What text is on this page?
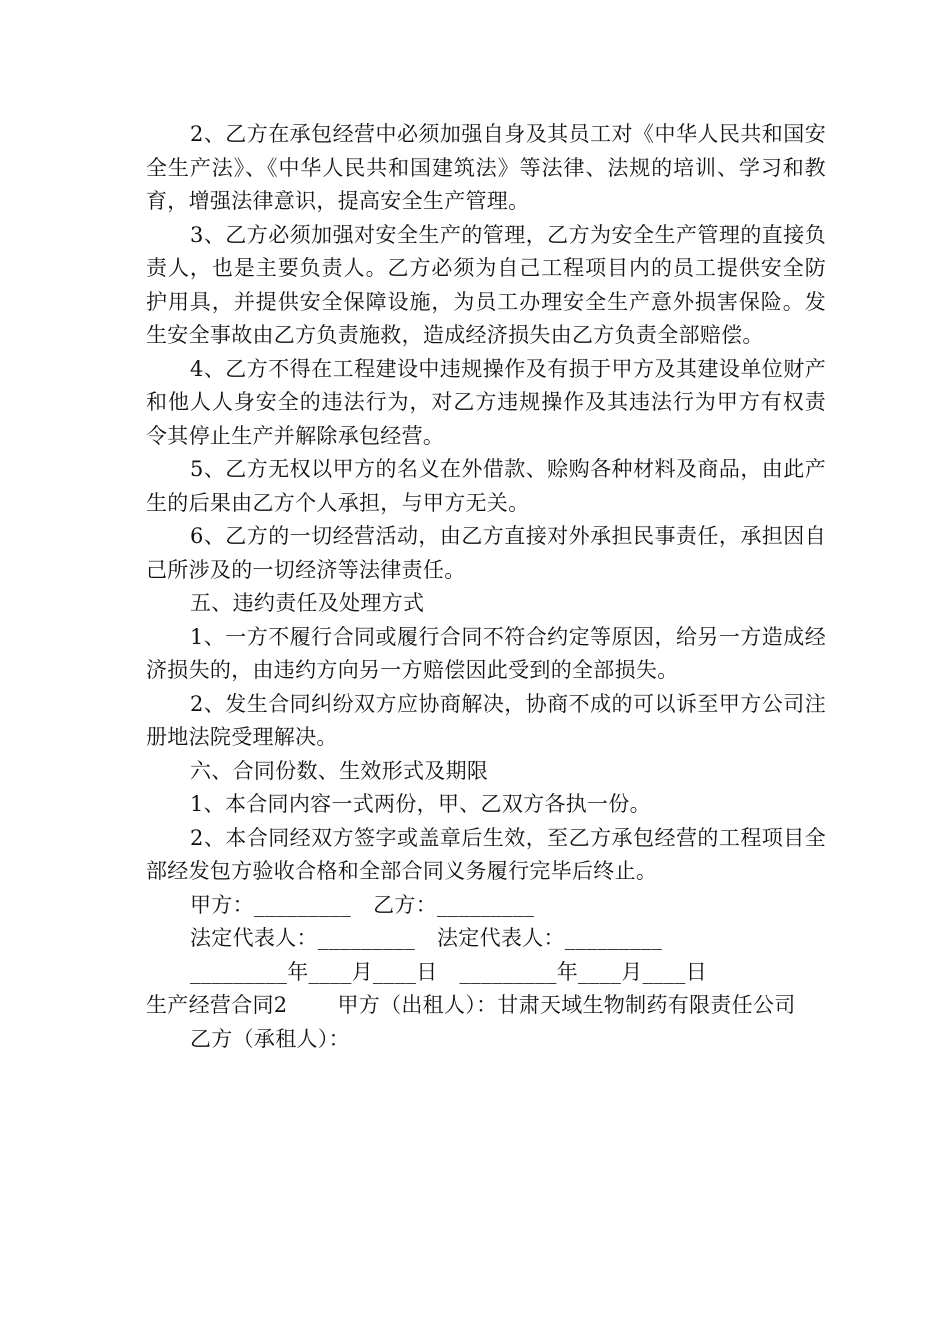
2、乙方在承包经营中必须加强自身及其员工对《中华人民共和国安全生产法》、《中华人民共和国建筑法》等法律、法规的培训、学习和教育，增强法律意识，提高安全生产管理。

3、乙方必须加强对安全生产的管理，乙方为安全生产管理的直接负责人，也是主要负责人。乙方必须为自己工程项目内的员工提供安全防护用具，并提供安全保障设施，为员工办理安全生产意外损害保险。发生安全事故由乙方负责施救，造成经济损失由乙方负责全部赔偿。

4、乙方不得在工程建设中违规操作及有损于甲方及其建设单位财产和他人人身安全的违法行为，对乙方违规操作及其违法行为甲方有权责令其停止生产并解除承包经营。

5、乙方无权以甲方的名义在外借款、赊购各种材料及商品，由此产生的后果由乙方个人承担，与甲方无关。

6、乙方的一切经营活动，由乙方直接对外承担民事责任，承担因自己所涉及的一切经济等法律责任。

五、违约责任及处理方式

1、一方不履行合同或履行合同不符合约定等原因，给另一方造成经济损失的，由违约方向另一方赔偿因此受到的全部损失。

2、发生合同纠纷双方应协商解决，协商不成的可以诉至甲方公司注册地法院受理解决。

六、合同份数、生效形式及期限

1、本合同内容一式两份，甲、乙双方各执一份。

2、本合同经双方签字或盖章后生效，至乙方承包经营的工程项目全部经发包方验收合格和全部合同义务履行完毕后终止。

甲方：_________ 乙方：_________

法定代表人：_________ 法定代表人：_________

_________年____月____日 _________年____月____日

生产经营合同2 甲方（出租人）：甘肃天域生物制药有限责任公司

乙方（承租人）：
